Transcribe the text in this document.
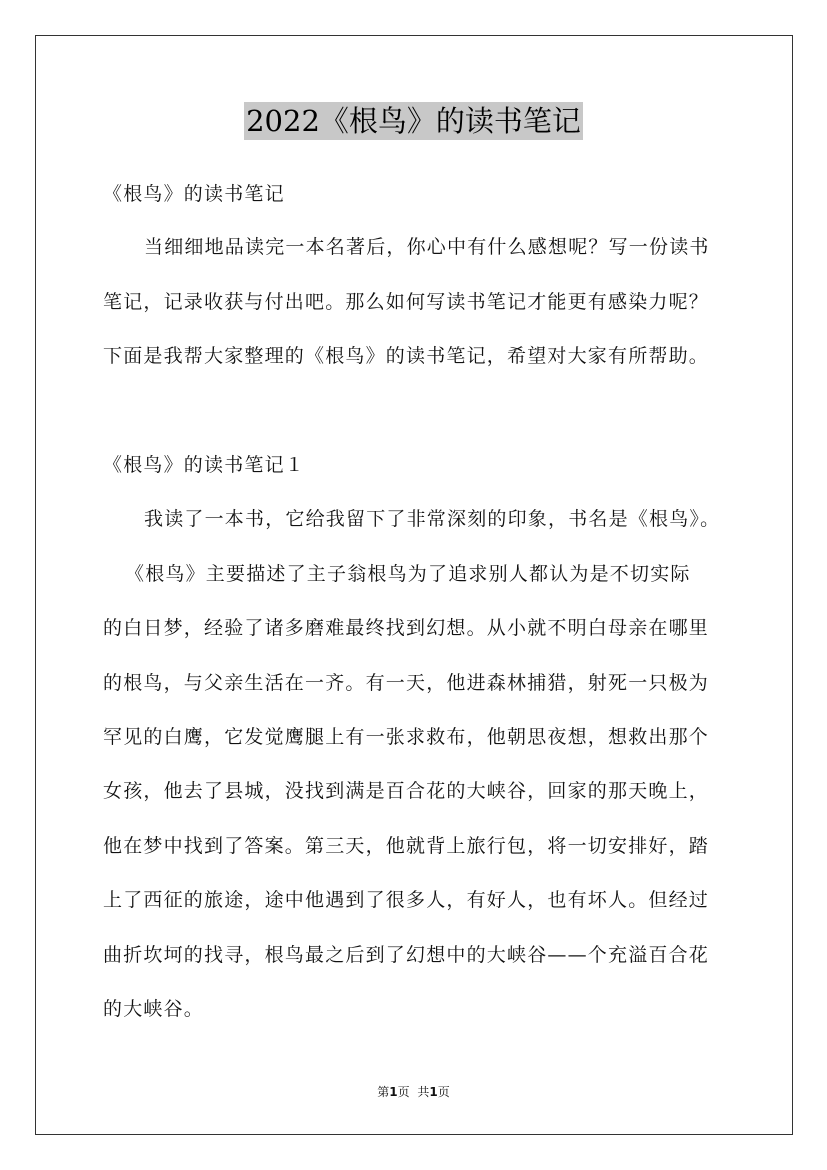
2022《根鸟》的读书笔记
《根鸟》的读书笔记
当细细地品读完一本名著后，你心中有什么感想呢？写一份读书
笔记，记录收获与付出吧。那么如何写读书笔记才能更有感染力呢？
下面是我帮大家整理的《根鸟》的读书笔记，希望对大家有所帮助。
《根鸟》的读书笔记１
我读了一本书，它给我留下了非常深刻的印象，书名是《根鸟》。
《根鸟》主要描述了主子翁根鸟为了追求别人都认为是不切实际
的白日梦，经验了诸多磨难最终找到幻想。从小就不明白母亲在哪里
的根鸟，与父亲生活在一齐。有一天，他进森林捕猎，射死一只极为
罕见的白鹰，它发觉鹰腿上有一张求救布，他朝思夜想，想救出那个
女孩，他去了县城，没找到满是百合花的大峡谷，回家的那天晚上，
他在梦中找到了答案。第三天，他就背上旅行包，将一切安排好，踏
上了西征的旅途，途中他遇到了很多人，有好人，也有坏人。但经过
曲折坎坷的找寻，根鸟最之后到了幻想中的大峡谷——个充溢百合花
的大峡谷。
第1页 共1页
